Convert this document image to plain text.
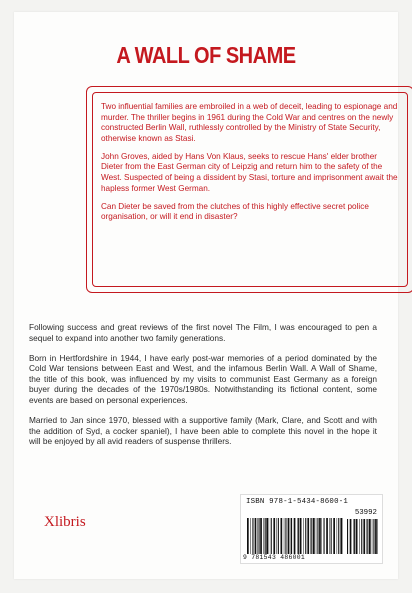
A WALL OF SHAME

Two influential families are embroiled in a web of deceit, leading to espionage and murder. The thriller begins in 1961 during the Cold War and centres on the newly constructed Berlin Wall, ruthlessly controlled by the Ministry of State Security, otherwise known as Stasi.

John Groves, aided by Hans Von Klaus, seeks to rescue Hans' elder brother Dieter from the East German city of Leipzig and return him to the safety of the West. Suspected of being a dissident by Stasi, torture and imprisonment await the hapless former West German.

Can Dieter be saved from the clutches of this highly effective secret police organisation, or will it end in disaster?

Following success and great reviews of the first novel The Film, I was encouraged to pen a sequel to expand into another two family generations.

Born in Hertfordshire in 1944, I have early post-war memories of a period dominated by the Cold War tensions between East and West, and the infamous Berlin Wall. A Wall of Shame, the title of this book, was influenced by my visits to communist East Germany as a foreign buyer during the decades of the 1970s/1980s. Notwithstanding its fictional content, some events are based on personal experiences.

Married to Jan since 1970, blessed with a supportive family (Mark, Clare, and Scott and with the addition of Syd, a cocker spaniel), I have been able to complete this novel in the hope it will be enjoyed by all avid readers of suspense thrillers.

Xlibris
ISBN 978-1-5434-8600-1
53992
9 781543 486001
